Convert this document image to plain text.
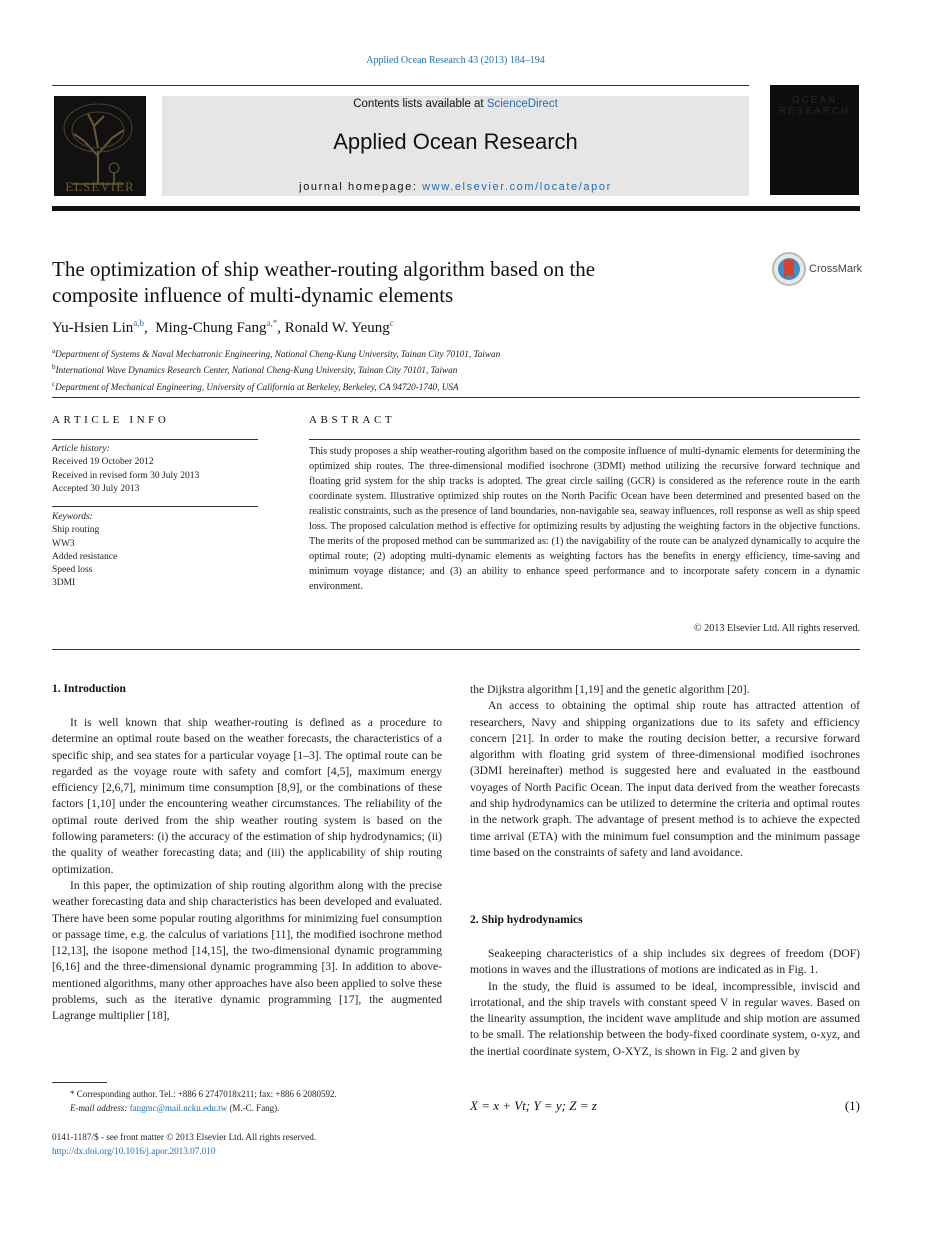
Applied Ocean Research 43 (2013) 184–194
ELSEVIER
Contents lists available at ScienceDirect
Applied Ocean Research
journal homepage: www.elsevier.com/locate/apor
OCEAN RESEARCH
The optimization of ship weather-routing algorithm based on the
composite influence of multi-dynamic elements
CrossMark
Yu-Hsien Lin$^{a,b}$,  Ming-Chung Fang$^{a,*}$, Ronald W. Yeung$^c$
$^a$Department of Systems & Naval Mechatronic Engineering, National Cheng-Kung University, Tainan City 70101, Taiwan
$^b$International Wave Dynamics Research Center, National Cheng-Kung University, Tainan City 70101, Taiwan
$^c$Department of Mechanical Engineering, University of California at Berkeley, Berkeley, CA 94720-1740, USA
ARTICLE INFO
Article history:
Received 19 October 2012
Received in revised form 30 July 2013
Accepted 30 July 2013
Keywords:
Ship routing
WW3
Added resistance
Speed loss
3DMI
ABSTRACT
This study proposes a ship weather-routing algorithm based on the composite influence of multi-dynamic elements for determining the optimized ship routes. The three-dimensional modified isochrone (3DMI) method utilizing the recursive forward technique and floating grid system for the ship tracks is adopted. The great circle sailing (GCR) is considered as the reference route in the earth coordinate system. Illustrative optimized ship routes on the North Pacific Ocean have been determined and presented based on the realistic constraints, such as the presence of land boundaries, non-navigable sea, seaway influences, roll response as well as ship speed loss. The proposed calculation method is effective for optimizing results by adjusting the weighting factors in the objective functions. The merits of the proposed method can be summarized as: (1) the navigability of the route can be analyzed dynamically to acquire the optimal route; (2) adopting multi-dynamic elements as weighting factors has the benefits in energy efficiency, time-saving and minimum voyage distance; and (3) an ability to enhance speed performance and to incorporate safety concern in a dynamic environment.
© 2013 Elsevier Ltd. All rights reserved.
1. Introduction

It is well known that ship weather-routing is defined as a procedure to determine an optimal route based on the weather forecasts, the characteristics of a specific ship, and sea states for a particular voyage [1–3]. The optimal route can be regarded as the voyage route with safety and comfort [4,5], maximum energy efficiency [2,6,7], minimum time consumption [8,9], or the combinations of these factors [1,10] under the encountering weather circumstances. The reliability of the optimal route derived from the ship weather routing system is based on the following parameters: (i) the accuracy of the estimation of ship hydrodynamics; (ii) the quality of weather forecasting data; and (iii) the applicability of ship routing optimization.

In this paper, the optimization of ship routing algorithm along with the precise weather forecasting data and ship characteristics has been developed and evaluated. There have been some popular routing algorithms for minimizing fuel consumption or passage time, e.g. the calculus of variations [11], the modified isochrone method [12,13], the isopone method [14,15], the two-dimensional dynamic programming [6,16] and the three-dimensional dynamic programming [3]. In addition to above-mentioned algorithms, many other approaches have also been applied to solve these problems, such as the iterative dynamic programming [17], the augmented Lagrange multiplier [18],

the Dijkstra algorithm [1,19] and the genetic algorithm [20].

An access to obtaining the optimal ship route has attracted attention of researchers, Navy and shipping organizations due to its safety and efficiency concern [21]. In order to make the routing decision better, a recursive forward algorithm with floating grid system of three-dimensional modified isochrones (3DMI hereinafter) method is suggested here and evaluated in the eastbound voyages of North Pacific Ocean. The input data derived from the weather forecasts and ship hydrodynamics can be utilized to determine the criteria and optimal routes in the network graph. The advantage of present method is to achieve the expected time arrival (ETA) with the minimum fuel consumption and the minimum passage time based on the constraints of safety and land avoidance.

2. Ship hydrodynamics

Seakeeping characteristics of a ship includes six degrees of freedom (DOF) motions in waves and the illustrations of motions are indicated as in Fig. 1.

In the study, the fluid is assumed to be ideal, incompressible, inviscid and irrotational, and the ship travels with constant speed V in regular waves. Based on the linearity assumption, the incident wave amplitude and ship motion are assumed to be small. The relationship between the body-fixed coordinate system, o-xyz, and the inertial coordinate system, O-XYZ, is shown in Fig. 2 and given by

X = x + Vt; Y = y; Z = z	(1)
* Corresponding author. Tel.: +886 6 2747018x211; fax: +886 6 2080592.
E-mail address: fangmc@mail.ncku.edu.tw (M.-C. Fang).
0141-1187/$ - see front matter © 2013 Elsevier Ltd. All rights reserved.
http://dx.doi.org/10.1016/j.apor.2013.07.010
